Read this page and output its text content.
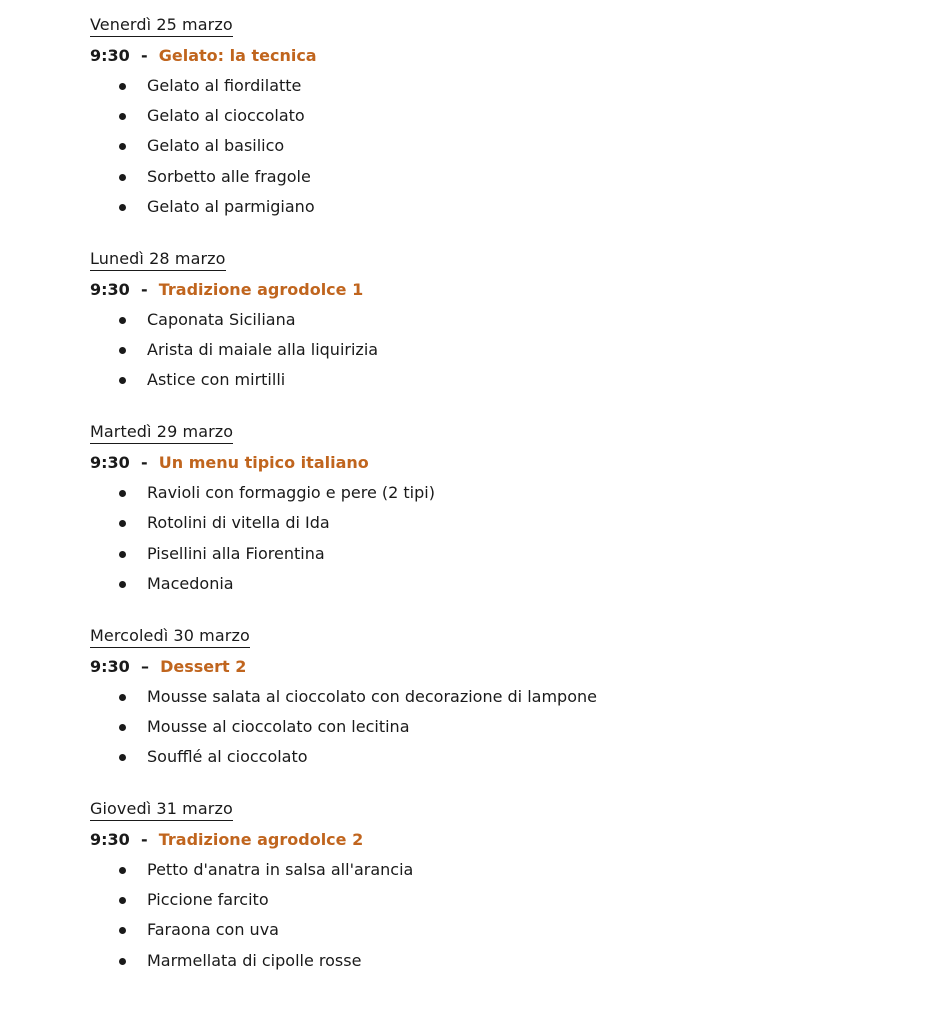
Venerdì 25 marzo
9:30  -  Gelato: la tecnica
Gelato al fiordilatte
Gelato al cioccolato
Gelato al basilico
Sorbetto alle fragole
Gelato al parmigiano
Lunedì 28 marzo
9:30  -  Tradizione agrodolce 1
Caponata Siciliana
Arista di maiale alla liquirizia
Astice con mirtilli
Martedì 29 marzo
9:30  -  Un menu tipico italiano
Ravioli con formaggio e pere (2 tipi)
Rotolini di vitella di Ida
Pisellini alla Fiorentina
Macedonia
Mercoledì 30 marzo
9:30  –  Dessert 2
Mousse salata al cioccolato con decorazione di lampone
Mousse al cioccolato con lecitina
Soufflé al cioccolato
Giovedì 31 marzo
9:30  -  Tradizione agrodolce 2
Petto d'anatra in salsa all'arancia
Piccione farcito
Faraona con uva
Marmellata di cipolle rosse
